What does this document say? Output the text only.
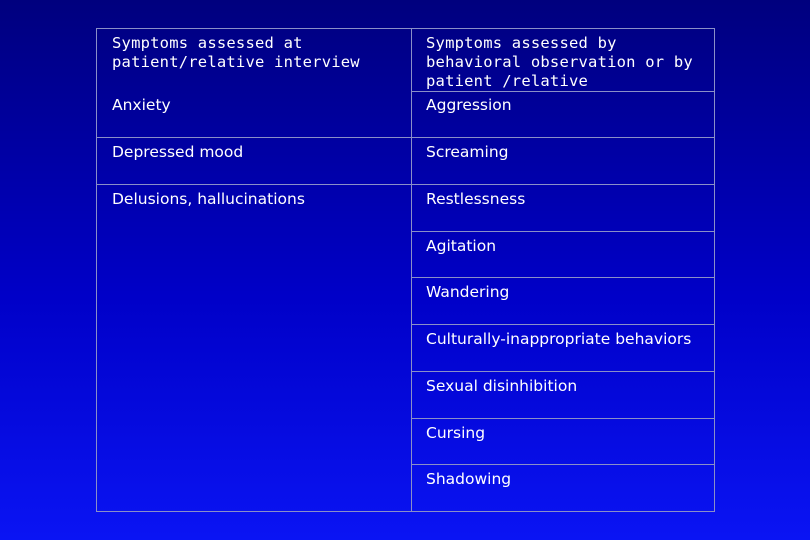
Symptoms assessed at
patient/relative interview
Symptoms assessed by
behavioral observation or by
patient /relative
Anxiety
Depressed mood
Delusions, hallucinations
Aggression
Screaming
Restlessness
Agitation
Wandering
Culturally-inappropriate behaviors
Sexual disinhibition
Cursing
Shadowing
